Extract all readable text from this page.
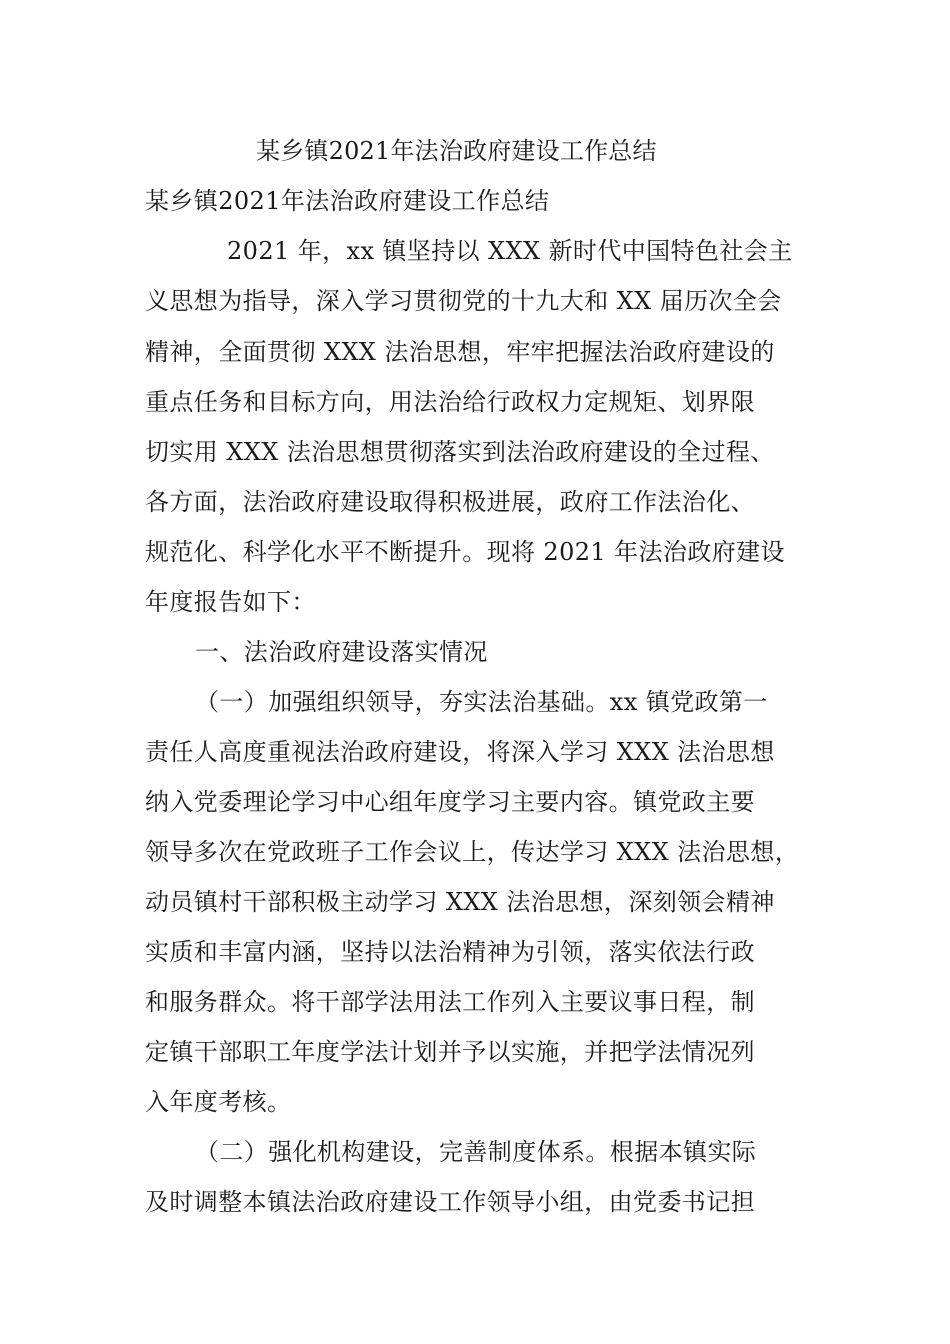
某乡镇2021年法治政府建设工作总结
某乡镇2021年法治政府建设工作总结
2021 年，xx 镇坚持以 XXX 新时代中国特色社会主
义思想为指导，深入学习贯彻党的十九大和 XX 届历次全会
精神，全面贯彻 XXX 法治思想，牢牢把握法治政府建设的
重点任务和目标方向，用法治给行政权力定规矩、划界限
切实用 XXX 法治思想贯彻落实到法治政府建设的全过程、
各方面，法治政府建设取得积极进展，政府工作法治化、
规范化、科学化水平不断提升。现将 2021 年法治政府建设
年度报告如下：
一、法治政府建设落实情况
（一）加强组织领导，夯实法治基础。xx 镇党政第一
责任人高度重视法治政府建设，将深入学习 XXX 法治思想
纳入党委理论学习中心组年度学习主要内容。镇党政主要
领导多次在党政班子工作会议上，传达学习 XXX 法治思想，
动员镇村干部积极主动学习 XXX 法治思想，深刻领会精神
实质和丰富内涵，坚持以法治精神为引领，落实依法行政
和服务群众。将干部学法用法工作列入主要议事日程，制
定镇干部职工年度学法计划并予以实施，并把学法情况列
入年度考核。
（二）强化机构建设，完善制度体系。根据本镇实际
及时调整本镇法治政府建设工作领导小组，由党委书记担
